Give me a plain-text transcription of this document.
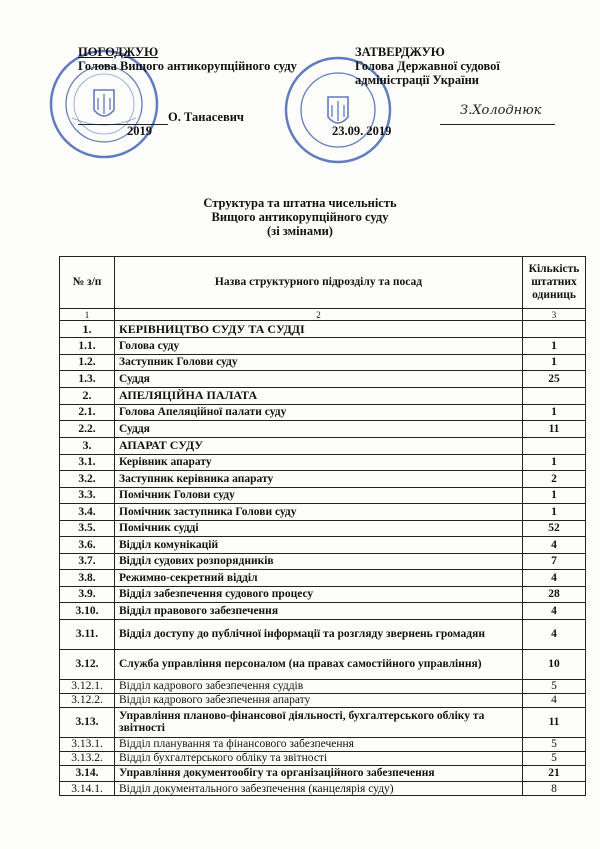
ПОГОДЖУЮ
Голова Вищого антикорупційного суду
О. Танасевич
2019
ЗАТВЕРДЖУЮ
Голова Державної судової
адміністрації України
З.Холоднюк
23.09. 2019
Структура та штатна чисельність
Вищого антикорупційного суду
(зі змінами)
№ з/п	Назва структурного підрозділу та посад	Кількість штатних одиниць
1	2	3
1.	КЕРІВНИЦТВО СУДУ ТА СУДДІ	
1.1.	Голова суду	1
1.2.	Заступник Голови суду	1
1.3.	Суддя	25
2.	АПЕЛЯЦІЙНА ПАЛАТА	
2.1.	Голова Апеляційної палати суду	1
2.2.	Суддя	11
3.	АПАРАТ СУДУ	
3.1.	Керівник апарату	1
3.2.	Заступник керівника апарату	2
3.3.	Помічник Голови суду	1
3.4.	Помічник заступника Голови суду	1
3.5.	Помічник судді	52
3.6.	Відділ комунікацій	4
3.7.	Відділ судових розпорядників	7
3.8.	Режимно-секретний відділ	4
3.9.	Відділ забезпечення судового процесу	28
3.10.	Відділ правового забезпечення	4
3.11.	Відділ доступу до публічної інформації та розгляду звернень громадян	4
3.12.	Служба управління персоналом (на правах самостійного управління)	10
3.12.1.	Відділ кадрового забезпечення суддів	5
3.12.2.	Відділ кадрового забезпечення апарату	4
3.13.	Управління планово-фінансової діяльності, бухгалтерського обліку та звітності	11
3.13.1.	Відділ планування та фінансового забезпечення	5
3.13.2.	Відділ бухгалтерського обліку та звітності	5
3.14.	Управління документообігу та організаційного забезпечення	21
3.14.1.	Відділ документального забезпечення (канцелярія суду)	8
